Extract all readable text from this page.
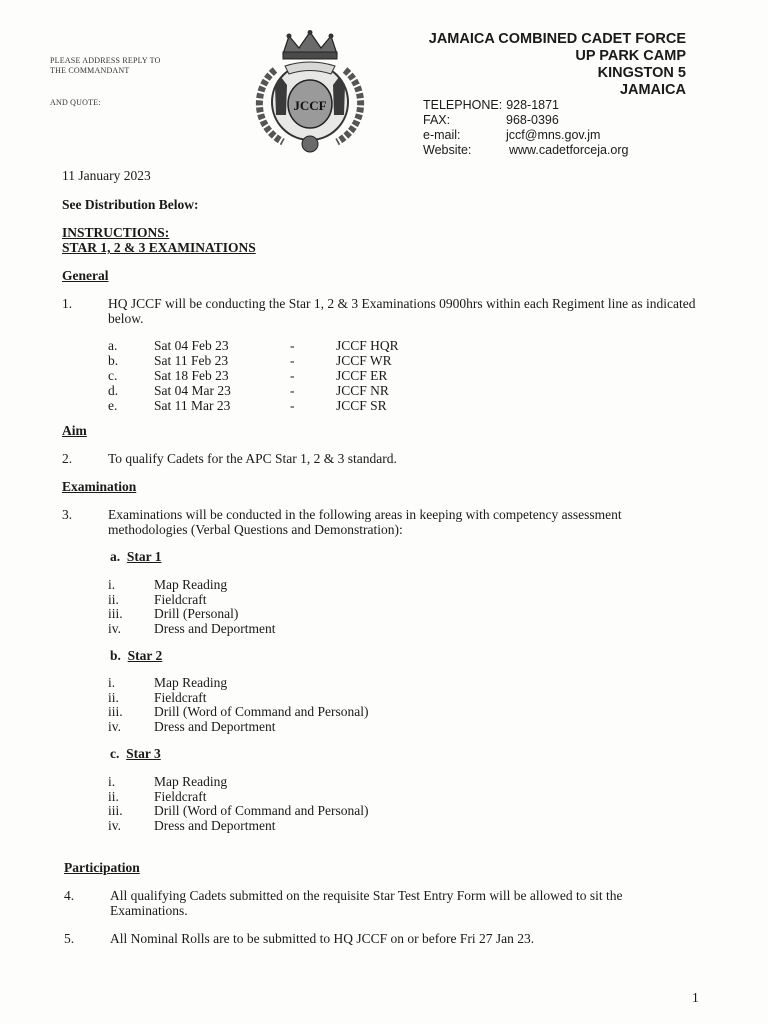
PLEASE ADDRESS REPLY TO
THE COMMANDANT
AND QUOTE:	JCCF
JAMAICA COMBINED CADET FORCE
UP PARK CAMP
KINGSTON 5
JAMAICA
TELEPHONE: 928-1871
FAX:	968-0396
e-mail:	jccf@mns.gov.jm
Website:	www.cadetforceja.org
11 January 2023
See Distribution Below:
INSTRUCTIONS:
STAR 1, 2 & 3 EXAMINATIONS
General
1.	HQ JCCF will be conducting the Star 1, 2 & 3 Examinations 0900hrs within each Regiment line as indicated below.
a.	Sat 04 Feb 23	-	JCCF HQR
b.	Sat 11 Feb 23	-	JCCF WR
c.	Sat 18 Feb 23	-	JCCF ER
d.	Sat 04 Mar 23	-	JCCF NR
e.	Sat 11 Mar 23	-	JCCF SR
Aim
2.	To qualify Cadets for the APC Star 1, 2 & 3 standard.
Examination
3.	Examinations will be conducted in the following areas in keeping with competency assessment methodologies (Verbal Questions and Demonstration):
a. Star 1
i.	Map Reading
ii.	Fieldcraft
iii.	Drill (Personal)
iv.	Dress and Deportment
b. Star 2
i.	Map Reading
ii.	Fieldcraft
iii.	Drill (Word of Command and Personal)
iv.	Dress and Deportment
c. Star 3
i.	Map Reading
ii.	Fieldcraft
iii.	Drill (Word of Command and Personal)
iv.	Dress and Deportment
Participation
4.	All qualifying Cadets submitted on the requisite Star Test Entry Form will be allowed to sit the Examinations.
5.	All Nominal Rolls are to be submitted to HQ JCCF on or before Fri 27 Jan 23.
1
